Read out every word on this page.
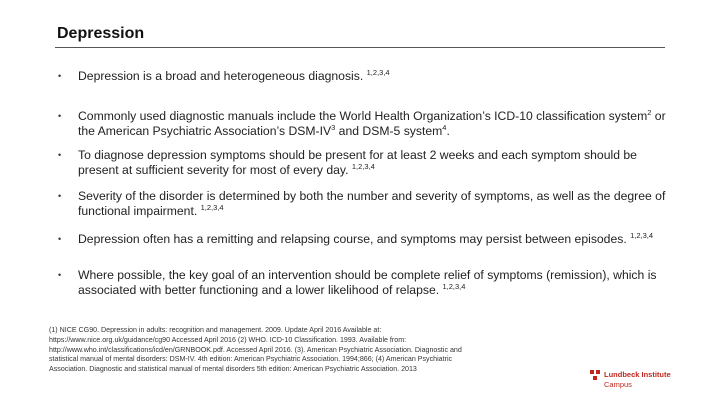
Depression
•	Depression is a broad and heterogeneous diagnosis. $^{1,2,3,4}$
•	Commonly used diagnostic manuals include the World Health Organization’s ICD-10 classification system$^2$ or the American Psychiatric Association’s DSM-$IV^3$ and DSM-5 system$^4$.
•	To diagnose depression symptoms should be present for at least 2 weeks and each symptom should be present at sufficient severity for most of every day. $^{1,2,3,4}$
•	Severity of the disorder is determined by both the number and severity of symptoms, as well as the degree of functional impairment. $^{1,2,3,4}$
•	Depression often has a remitting and relapsing course, and symptoms may persist between episodes. $^{1,2,3,4}$
•	Where possible, the key goal of an intervention should be complete relief of symptoms (remission), which is associated with better functioning and a lower likelihood of relapse. $^{1,2,3,4}$
(1) NICE CG90. Depression in adults: recognition and management. 2009. Update April 2016 Available at: https://www.nice.org.uk/guidance/cg90 Accessed April 2016 (2) WHO. ICD-10 Classification. 1993. Available from: http://www.who.int/classifications/icd/en/GRNBOOK.pdf. Accessed April 2016. (3). American Psychiatric Association. Diagnostic and statistical manual of mental disorders: DSM-IV. 4th edition: American Psychiatric Association. 1994;866; (4) American Psychiatric Association. Diagnostic and statistical manual of mental disorders 5th edition: American Psychiatric Association. 2013
Lundbeck Institute
Campus
